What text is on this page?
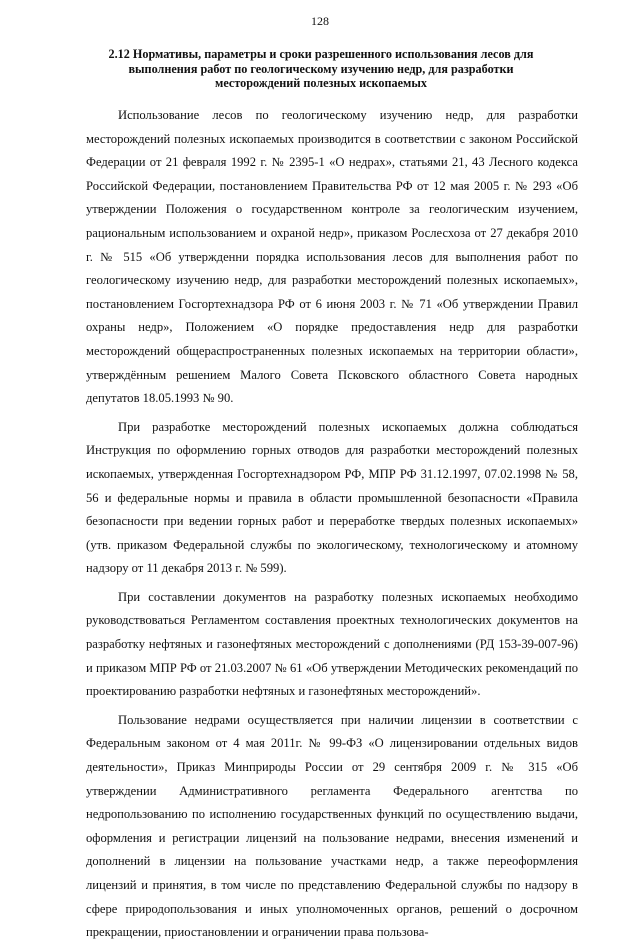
128
2.12 Нормативы, параметры и сроки разрешенного использования лесов для выполнения работ по геологическому изучению недр, для разработки месторождений полезных ископаемых

Использование лесов по геологическому изучению недр, для разработки месторождений полезных ископаемых производится в соответствии с законом Российской Федерации от 21 февраля 1992 г. № 2395-1 «О недрах», статьями 21, 43 Лесного кодекса Российской Федерации, постановлением Правительства РФ от 12 мая 2005 г. № 293 «Об утверждении Положения о государственном контроле за геологическим изучением, рациональным использованием и охраной недр», приказом Рослесхоза от 27 декабря 2010 г. № 515 «Об утвержденни порядка использования лесов для выполнения работ по геологическому изучению недр, для разработки месторождений полезных ископаемых», постановлением Госгортехнадзора РФ от 6 июня 2003 г. № 71 «Об утверждении Правил охраны недр», Положением «О порядке предоставления недр для разработки месторождений общераспространенных полезных ископаемых на территории области», утверждённым решением Малого Совета Псковского областного Совета народных депутатов 18.05.1993 № 90.

При разработке месторождений полезных ископаемых должна соблюдаться Инструкция по оформлению горных отводов для разработки месторождений полезных ископаемых, утвержденная Госгортехнадзором РФ, МПР РФ 31.12.1997, 07.02.1998 № 58, 56 и федеральные нормы и правила в области промышленной безопасности «Правила безопасности при ведении горных работ и переработке твердых полезных ископаемых» (утв. приказом Федеральной службы по экологическому, технологическому и атомному надзору от 11 декабря 2013 г. № 599).

При составлении документов на разработку полезных ископаемых необходимо руководствоваться Регламентом составления проектных технологических документов на разработку нефтяных и газонефтяных месторождений с дополнениями (РД 153-39-007-96) и приказом МПР РФ от 21.03.2007 № 61 «Об утверждении Методических рекомендаций по проектированию разработки нефтяных и газонефтяных месторождений».

Пользование недрами осуществляется при наличии лицензии в соответствии с Федеральным законом от 4 мая 2011г. № 99-ФЗ «О лицензировании отдельных видов деятельности», Приказ Минприроды России от 29 сентября 2009 г. № 315 «Об утверждении Административного регламента Федерального агентства по недропользованию по исполнению государственных функций по осуществлению выдачи, оформления и регистрации лицензий на пользование недрами, внесения изменений и дополнений в лицензии на пользование участками недр, а также переоформления лицензий и принятия, в том числе по представлению Федеральной службы по надзору в сфере природопользования и иных уполномоченных органов, решений о досрочном прекращении, приостановлении и ограничении права пользова-
